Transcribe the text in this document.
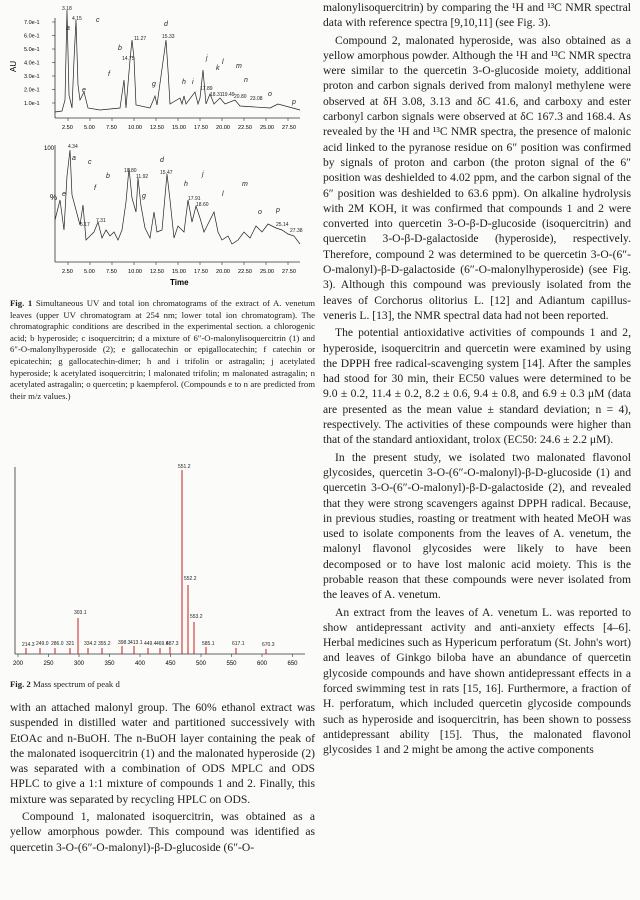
AU
7.0e-1
6.0e-1
5.0e-1
4.0e-1
3.0e-1
2.0e-1
1.0e-1
2.50 5.00 7.50 10.00 12.50 15.00 17.50 20.00 22.50 25.00 27.50
3.18
4.15
14.75
11.27	15.33
17.89
18.31 19.49 20.80 23.08
a
b
c
d
e
f
g	h i
j
k
l
m
n
o
p
100
%
2.50 5.00 7.50 10.00 12.50 15.00 17.50 20.00 22.50 25.00 27.50
Time
4.34
10.80
11.92
15.47
17.91
18.60
7.31
5.17	25.14
27.38
a
b
c	d
e
f
g
h
j
l
m
o p
Fig. 1 Simultaneous UV and total ion chromatograms of the extract of A. venetum leaves (upper UV chromatogram at 254 nm; lower total ion chromatogram). The chromatographic conditions are described in the experimental section. a chlorogenic acid; b hyperoside; c isoquercitrin; d a mixture of 6″-O-malonylisoquercitrin (1) and 6″-O-malonylhyperoside (2); e gallocatechin or epigallocatechin; f catechin or epicatechin; g gallocatechin-dimer; h and i trifolin or astragalin; j acetylated hyperoside; k acetylated isoquercitrin; l malonated trifolin; m malonated astragalin; n acetylated astragalin; o quercetin; p kaempferol. (Compounds e to n are predicted from their m/z values.)
200	250	300	350	400	450	500	550	600	650
551.2
552.2
553.2
303.1
214.3 249.0 286.0 321 334.2 355.2 398.3 413.1 449.4 469.6
487.3	585.1	617.1	670.3
Fig. 2 Mass spectrum of peak d

with an attached malonyl group. The 60% ethanol extract was suspended in distilled water and partitioned successively with EtOAc and n-BuOH. The n-BuOH layer containing the peak of the malonated isoquercitrin (1) and the malonated hyperoside (2) was separated with a combination of ODS MPLC and ODS HPLC to give a 1:1 mixture of compounds 1 and 2. Finally, this mixture was separated by recycling HPLC on ODS.

Compound 1, malonated isoquercitrin, was obtained as a yellow amorphous powder. This compound was identified as quercetin 3-O-(6″-O-malonyl)-β-D-glucoside (6″-O-

malonylisoquercitrin) by comparing the ¹H and ¹³C NMR spectral data with reference spectra [9,10,11] (see Fig. 3).

Compound 2, malonated hyperoside, was also obtained as a yellow amorphous powder. Although the ¹H and ¹³C NMR spectra were similar to the quercetin 3-O-glucoside moiety, additional proton and carbon signals derived from malonyl methylene were observed at δH 3.08, 3.13 and δC 41.6, and carboxy and ester carbonyl carbon signals were observed at δC 167.3 and 168.4. As revealed by the ¹H and ¹³C NMR spectra, the presence of malonic acid linked to the pyranose residue on 6″ position was confirmed by signals of proton and carbon (the proton signal of the 6″ position was deshielded to 4.02 ppm, and the carbon signal of the 6″ position was deshielded to 63.6 ppm). On alkaline hydrolysis with 2M KOH, it was confirmed that compounds 1 and 2 were converted into quercetin 3-O-β-D-glucoside (isoquercitrin) and quercetin 3-O-β-D-galactoside (hyperoside), respectively. Therefore, compound 2 was determined to be quercetin 3-O-(6″-O-malonyl)-β-D-galactoside (6″-O-malonylhyperoside) (see Fig. 3). Although this compound was previously isolated from the leaves of Corchorus olitorius L. [12] and Adiantum capillus-veneris L. [13], the NMR spectral data had not been reported.

The potential antioxidative activities of compounds 1 and 2, hyperoside, isoquercitrin and quercetin were examined by using the DPPH free radical-scavenging system [14]. After the samples had stood for 30 min, their EC50 values were determined to be 9.0 ± 0.2, 11.4 ± 0.2, 8.2 ± 0.6, 9.4 ± 0.8, and 6.9 ± 0.3 μM (data are presented as the mean value ± standard deviation; n = 4), respectively. The activities of these compounds were higher than that of the standard antioxidant, trolox (EC50: 24.6 ± 2.2 μM).

In the present study, we isolated two malonated flavonol glycosides, quercetin 3-O-(6″-O-malonyl)-β-D-glucoside (1) and quercetin 3-O-(6″-O-malonyl)-β-D-galactoside (2), and revealed that they were strong scavengers against DPPH radical. Because, in previous studies, roasting or treatment with heated MeOH was used to isolate components from the leaves of A. venetum, the malonyl flavonol glycosides were likely to have been decomposed or to have lost malonic acid moiety. This is the probable reason that these compounds were never isolated from the leaves of A. venetum.

An extract from the leaves of A. venetum L. was reported to show antidepressant activity and anti-anxiety effects [4–6]. Herbal medicines such as Hypericum perforatum (St. John's wort) and leaves of Ginkgo biloba have an abundance of quercetin glycoside compounds and have shown antidepressant effects in a forced swimming test in rats [15, 16]. Furthermore, a fraction of H. perforatum, which included quercetin glycoside compounds such as hyperoside and isoquercitrin, has been shown to possess antidepressant ability [15]. Thus, the malonated flavonol glycosides 1 and 2 might be among the active components
